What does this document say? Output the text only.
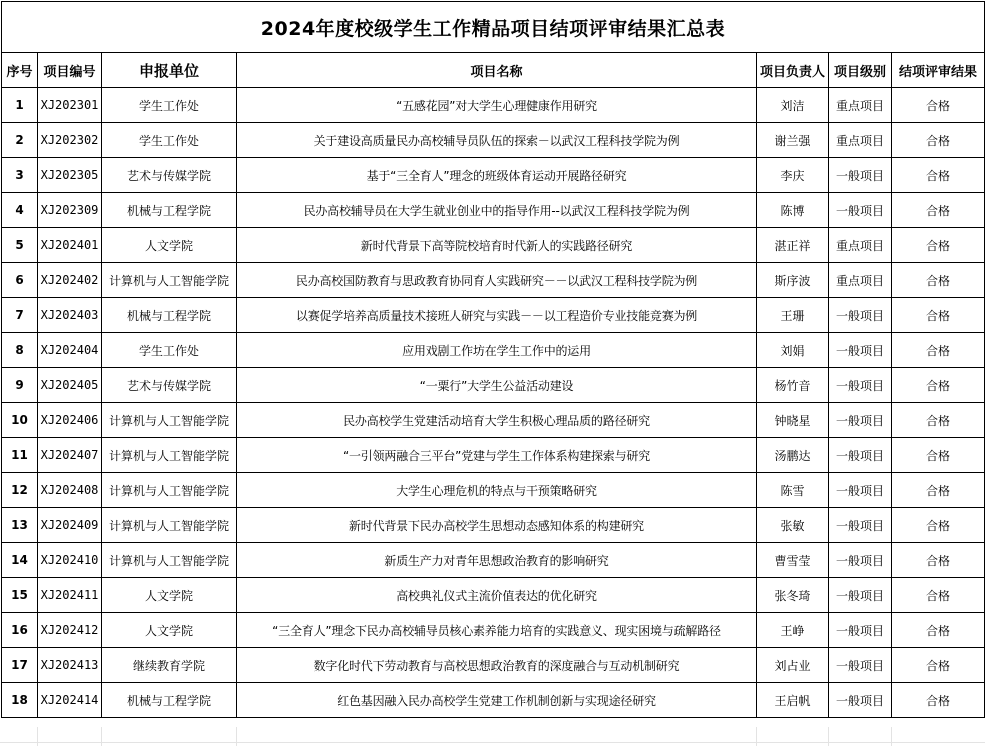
2024年度校级学生工作精品项目结项评审结果汇总表						
序号	项目编号	申报单位	项目名称	项目负责人	项目级别	结项评审结果
1	XJ202301	学生工作处	“五感花园”对大学生心理健康作用研究	刘洁	重点项目	合格
2	XJ202302	学生工作处	关于建设高质量民办高校辅导员队伍的探索－以武汉工程科技学院为例	谢兰强	重点项目	合格
3	XJ202305	艺术与传媒学院	基于“三全育人”理念的班级体育运动开展路径研究	李庆	一般项目	合格
4	XJ202309	机械与工程学院	民办高校辅导员在大学生就业创业中的指导作用--以武汉工程科技学院为例	陈博	一般项目	合格
5	XJ202401	人文学院	新时代背景下高等院校培育时代新人的实践路径研究	湛正祥	重点项目	合格
6	XJ202402	计算机与人工智能学院	民办高校国防教育与思政教育协同育人实践研究－－以武汉工程科技学院为例	斯序波	重点项目	合格
7	XJ202403	机械与工程学院	以赛促学培养高质量技术接班人研究与实践－－以工程造价专业技能竞赛为例	王珊	一般项目	合格
8	XJ202404	学生工作处	应用戏剧工作坊在学生工作中的运用	刘娟	一般项目	合格
9	XJ202405	艺术与传媒学院	“一粟行”大学生公益活动建设	杨竹音	一般项目	合格
10	XJ202406	计算机与人工智能学院	民办高校学生党建活动培育大学生积极心理品质的路径研究	钟晓星	一般项目	合格
11	XJ202407	计算机与人工智能学院	“一引领两融合三平台”党建与学生工作体系构建探索与研究	汤鹏达	一般项目	合格
12	XJ202408	计算机与人工智能学院	大学生心理危机的特点与干预策略研究	陈雪	一般项目	合格
13	XJ202409	计算机与人工智能学院	新时代背景下民办高校学生思想动态感知体系的构建研究	张敏	一般项目	合格
14	XJ202410	计算机与人工智能学院	新质生产力对青年思想政治教育的影响研究	曹雪莹	一般项目	合格
15	XJ202411	人文学院	高校典礼仪式主流价值表达的优化研究	张冬琦	一般项目	合格
16	XJ202412	人文学院	“三全育人”理念下民办高校辅导员核心素养能力培育的实践意义、现实困境与疏解路径	王峥	一般项目	合格
17	XJ202413	继续教育学院	数字化时代下劳动教育与高校思想政治教育的深度融合与互动机制研究	刘占业	一般项目	合格
18	XJ202414	机械与工程学院	红色基因融入民办高校学生党建工作机制创新与实现途径研究	王启帆	一般项目	合格
